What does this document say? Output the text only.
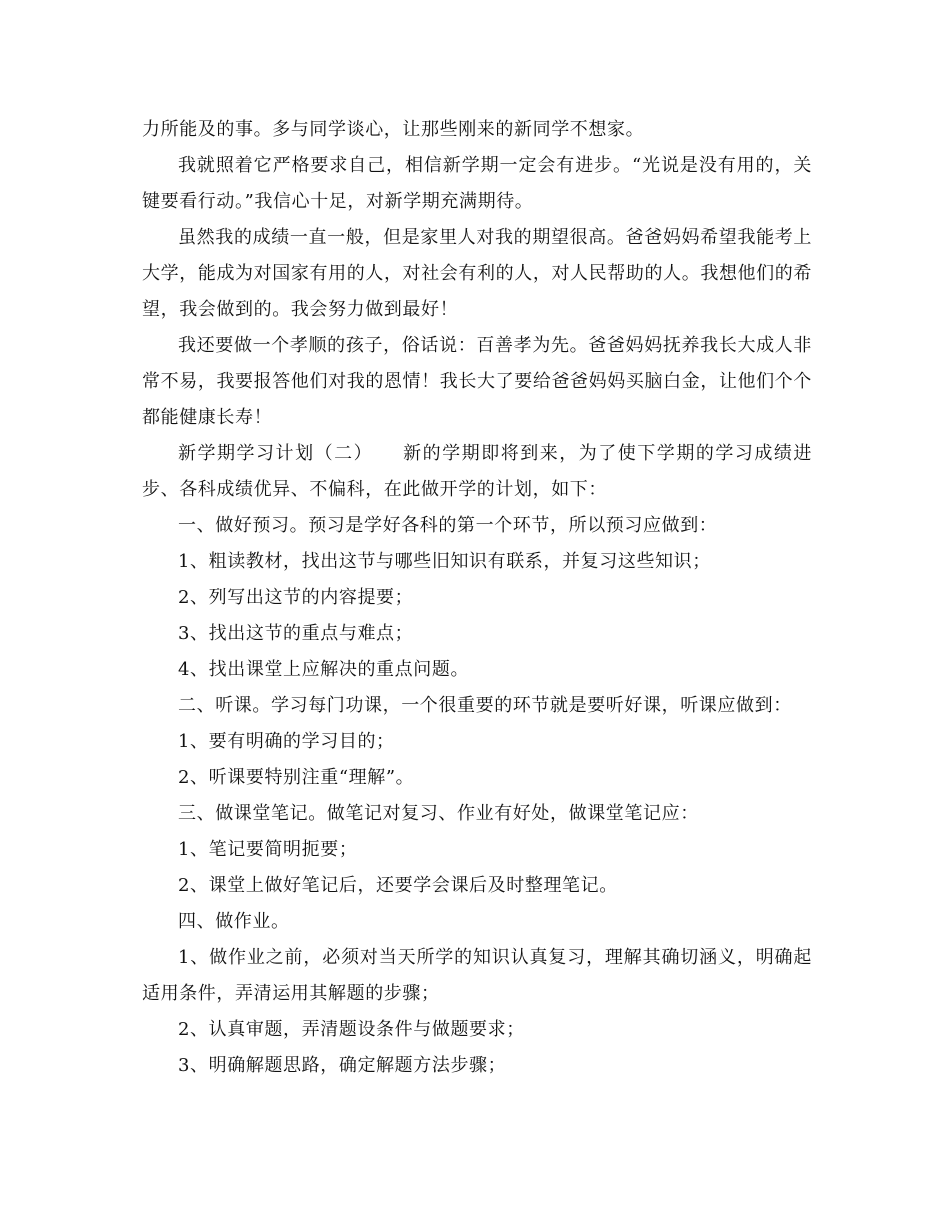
力所能及的事。多与同学谈心，让那些刚来的新同学不想家。

我就照着它严格要求自己，相信新学期一定会有进步。“光说是没有用的，关键要看行动。”我信心十足，对新学期充满期待。

虽然我的成绩一直一般，但是家里人对我的期望很高。爸爸妈妈希望我能考上大学，能成为对国家有用的人，对社会有利的人，对人民帮助的人。我想他们的希望，我会做到的。我会努力做到最好！

我还要做一个孝顺的孩子，俗话说：百善孝为先。爸爸妈妈抚养我长大成人非常不易，我要报答他们对我的恩情！我长大了要给爸爸妈妈买脑白金，让他们个个都能健康长寿！

新学期学习计划（二）　　新的学期即将到来，为了使下学期的学习成绩进步、各科成绩优异、不偏科，在此做开学的计划，如下：

一、做好预习。预习是学好各科的第一个环节，所以预习应做到：

1、粗读教材，找出这节与哪些旧知识有联系，并复习这些知识；

2、列写出这节的内容提要；

3、找出这节的重点与难点；

4、找出课堂上应解决的重点问题。

二、听课。学习每门功课，一个很重要的环节就是要听好课，听课应做到：

1、要有明确的学习目的；

2、听课要特别注重“理解”。

三、做课堂笔记。做笔记对复习、作业有好处，做课堂笔记应：

1、笔记要简明扼要；

2、课堂上做好笔记后，还要学会课后及时整理笔记。

四、做作业。

1、做作业之前，必须对当天所学的知识认真复习，理解其确切涵义，明确起适用条件，弄清运用其解题的步骤；

2、认真审题，弄清题设条件与做题要求；

3、明确解题思路，确定解题方法步骤；
